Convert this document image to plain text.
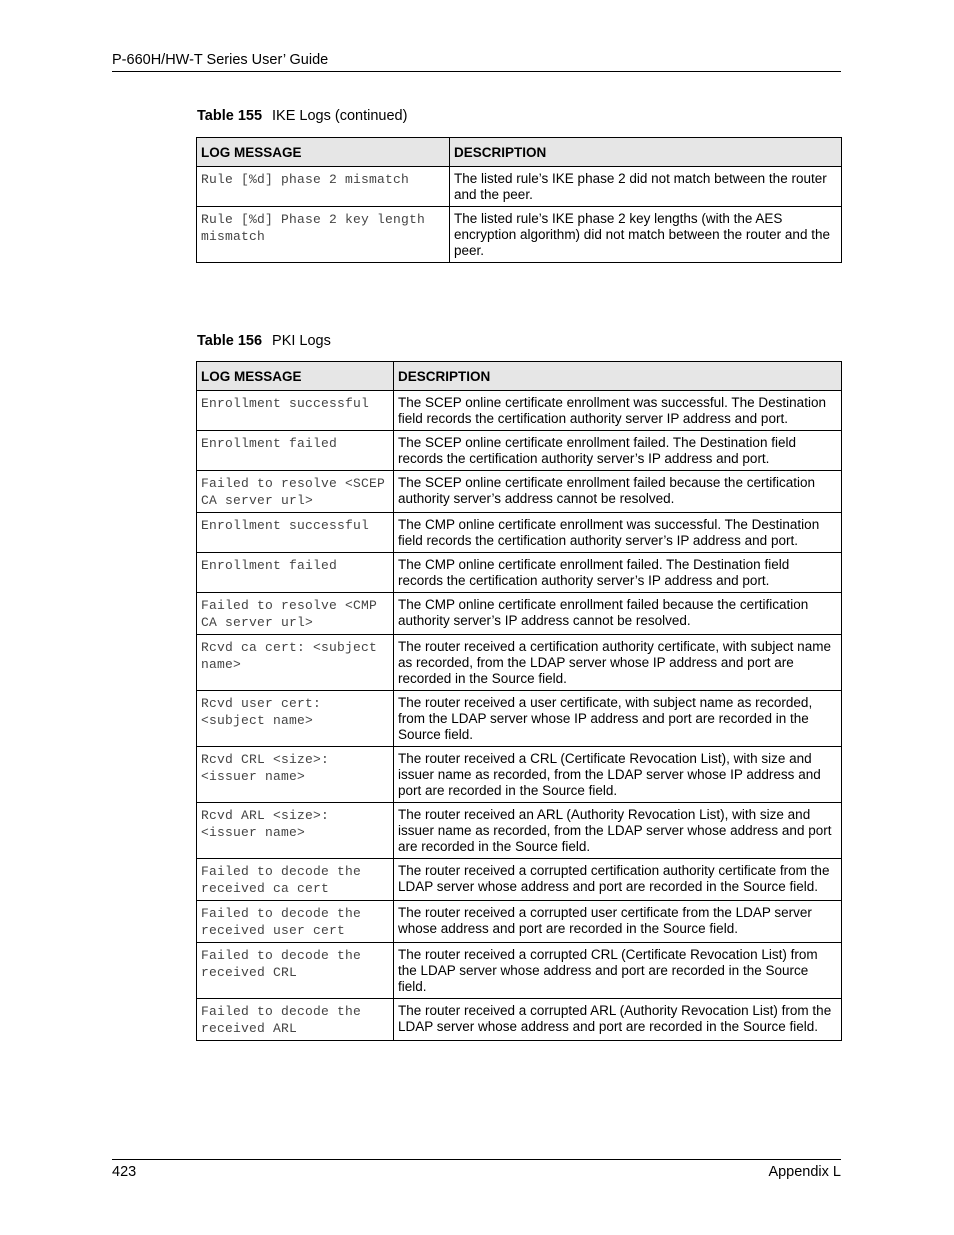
P-660H/HW-T Series User’ Guide
Table 155 IKE Logs (continued)
LOG MESSAGE	DESCRIPTION
Rule [%d] phase 2 mismatch	The listed rule’s IKE phase 2 did not match between the router and the peer.
Rule [%d] Phase 2 key length mismatch	The listed rule’s IKE phase 2 key lengths (with the AES encryption algorithm) did not match between the router and the peer.
Table 156 PKI Logs
LOG MESSAGE	DESCRIPTION
Enrollment successful	The SCEP online certificate enrollment was successful. The Destination field records the certification authority server IP address and port.
Enrollment failed	The SCEP online certificate enrollment failed. The Destination field records the certification authority server’s IP address and port.
Failed to resolve <SCEP CA server url>	The SCEP online certificate enrollment failed because the certification authority server’s address cannot be resolved.
Enrollment successful	The CMP online certificate enrollment was successful. The Destination field records the certification authority server’s IP address and port.
Enrollment failed	The CMP online certificate enrollment failed. The Destination field records the certification authority server’s IP address and port.
Failed to resolve <CMP CA server url>	The CMP online certificate enrollment failed because the certification authority server’s IP address cannot be resolved.
Rcvd ca cert: <subject name>	The router received a certification authority certificate, with subject name as recorded, from the LDAP server whose IP address and port are recorded in the Source field.
Rcvd user cert: <subject name>	The router received a user certificate, with subject name as recorded, from the LDAP server whose IP address and port are recorded in the Source field.
Rcvd CRL <size>: <issuer name>	The router received a CRL (Certificate Revocation List), with size and issuer name as recorded, from the LDAP server whose IP address and port are recorded in the Source field.
Rcvd ARL <size>: <issuer name>	The router received an ARL (Authority Revocation List), with size and issuer name as recorded, from the LDAP server whose address and port are recorded in the Source field.
Failed to decode the received ca cert	The router received a corrupted certification authority certificate from the LDAP server whose address and port are recorded in the Source field.
Failed to decode the received user cert	The router received a corrupted user certificate from the LDAP server whose address and port are recorded in the Source field.
Failed to decode the received CRL	The router received a corrupted CRL (Certificate Revocation List) from the LDAP server whose address and port are recorded in the Source field.
Failed to decode the received ARL	The router received a corrupted ARL (Authority Revocation List) from the LDAP server whose address and port are recorded in the Source field.
423	Appendix L
